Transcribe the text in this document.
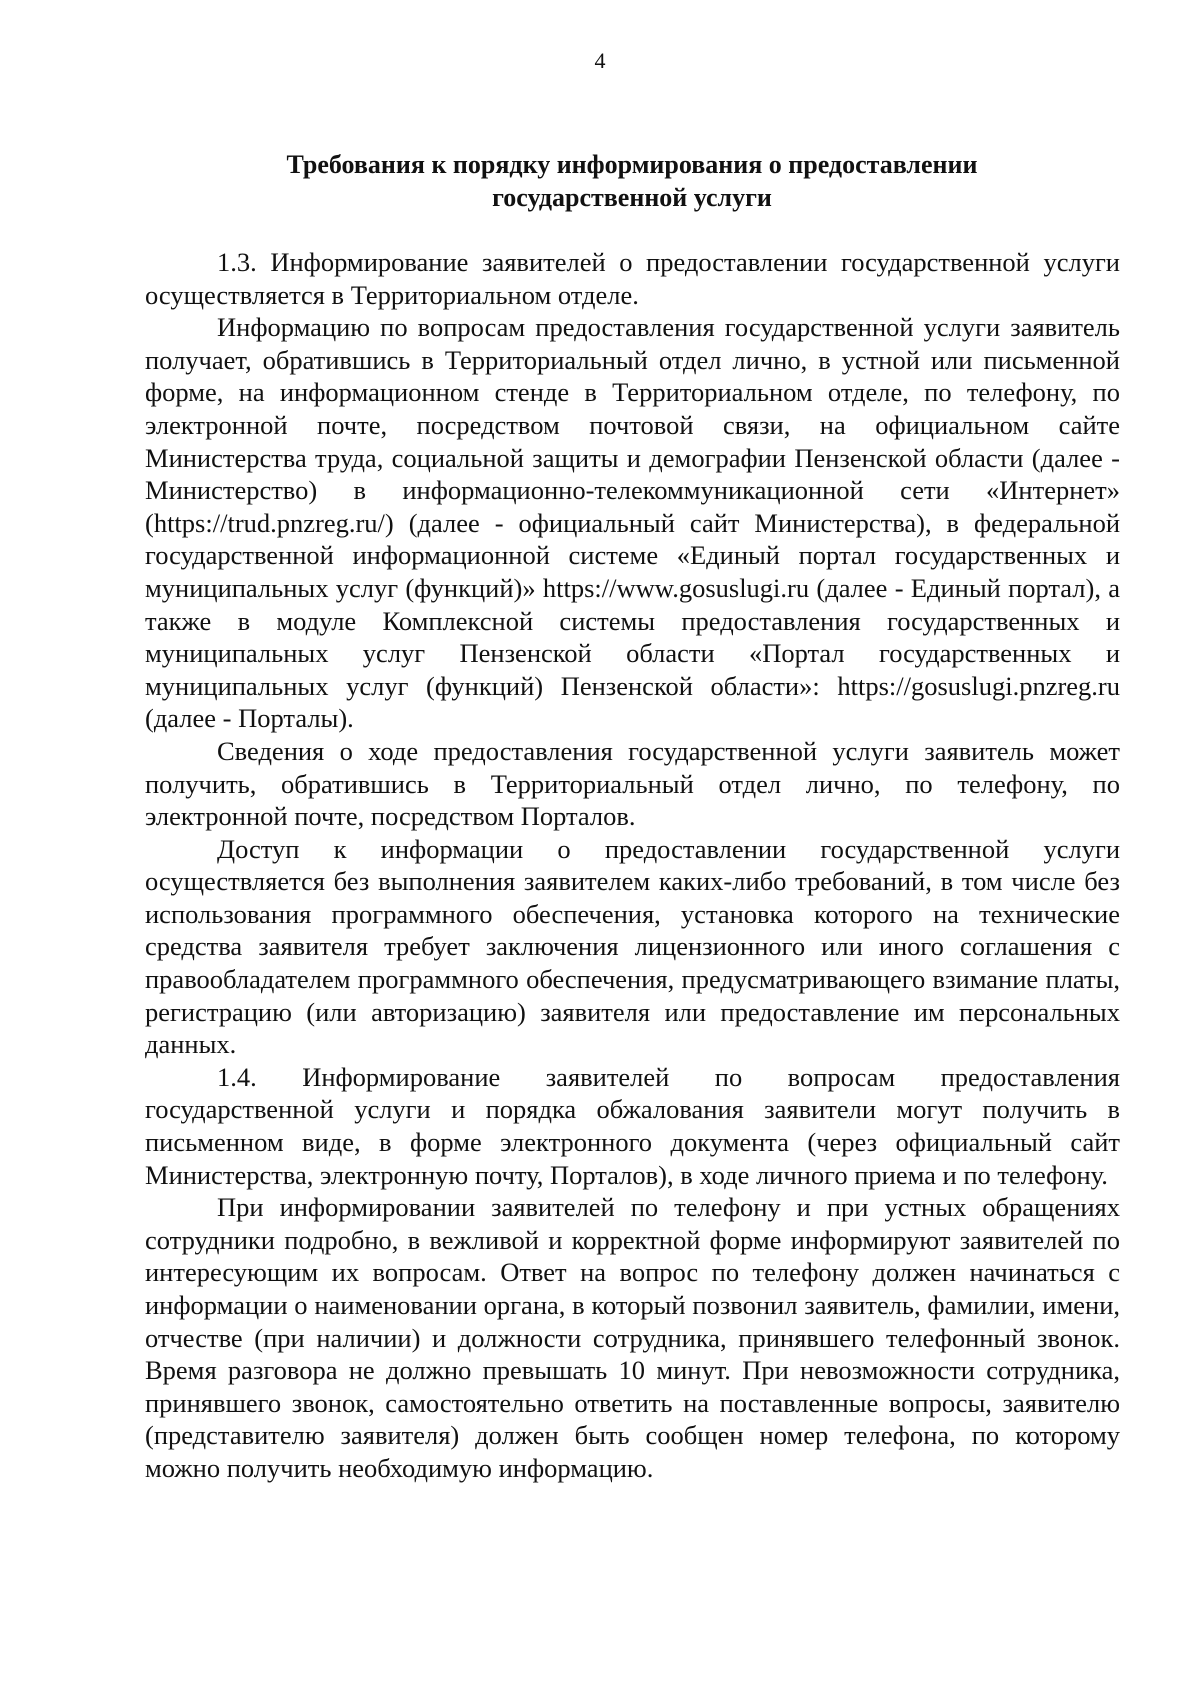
4
Требования к порядку информирования о предоставлении
государственной услуги

1.3. Информирование заявителей о предоставлении государственной услуги осуществляется в Территориальном отделе.

Информацию по вопросам предоставления государственной услуги заявитель получает, обратившись в Территориальный отдел лично, в устной или письменной форме, на информационном стенде в Территориальном отделе, по телефону, по электронной почте, посредством почтовой связи, на официальном сайте Министерства труда, социальной защиты и демографии Пензенской области (далее - Министерство) в информационно-телекоммуникационной сети «Интернет» (https://trud.pnzreg.ru/) (далее - официальный сайт Министерства), в федеральной государственной информационной системе «Единый портал государственных и муниципальных услуг (функций)» https://www.gosuslugi.ru (далее - Единый портал), а также в модуле Комплексной системы предоставления государственных и муниципальных услуг Пензенской области «Портал государственных и муниципальных услуг (функций) Пензенской области»: https://gosuslugi.pnzreg.ru (далее - Порталы).

Сведения о ходе предоставления государственной услуги заявитель может получить, обратившись в Территориальный отдел лично, по телефону, по электронной почте, посредством Порталов.

Доступ к информации о предоставлении государственной услуги осуществляется без выполнения заявителем каких-либо требований, в том числе без использования программного обеспечения, установка которого на технические средства заявителя требует заключения лицензионного или иного соглашения с правообладателем программного обеспечения, предусматривающего взимание платы, регистрацию (или авторизацию) заявителя или предоставление им персональных данных.

1.4. Информирование заявителей по вопросам предоставления государственной услуги и порядка обжалования заявители могут получить в письменном виде, в форме электронного документа (через официальный сайт Министерства, электронную почту, Порталов), в ходе личного приема и по телефону.

При информировании заявителей по телефону и при устных обращениях сотрудники подробно, в вежливой и корректной форме информируют заявителей по интересующим их вопросам. Ответ на вопрос по телефону должен начинаться с информации о наименовании органа, в который позвонил заявитель, фамилии, имени, отчестве (при наличии) и должности сотрудника, принявшего телефонный звонок. Время разговора не должно превышать 10 минут. При невозможности сотрудника, принявшего звонок, самостоятельно ответить на поставленные вопросы, заявителю (представителю заявителя) должен быть сообщен номер телефона, по которому можно получить необходимую информацию.
